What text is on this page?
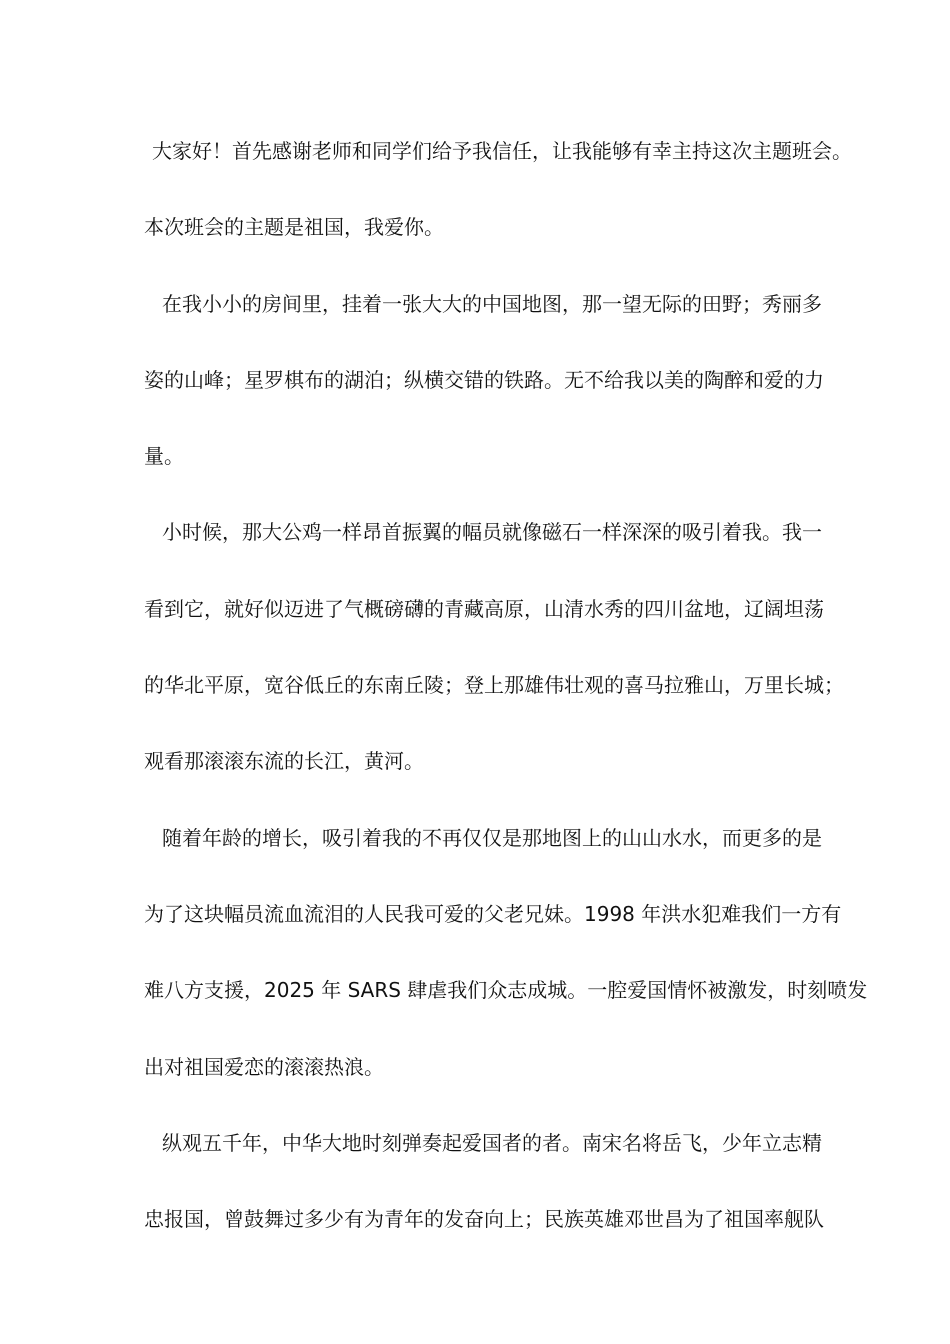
大家好！首先感谢老师和同学们给予我信任，让我能够有幸主持这次主题班会。
本次班会的主题是祖国，我爱你。
在我小小的房间里，挂着一张大大的中国地图，那一望无际的田野；秀丽多
姿的山峰；星罗棋布的湖泊；纵横交错的铁路。无不给我以美的陶醉和爱的力
量。
小时候，那大公鸡一样昂首振翼的幅员就像磁石一样深深的吸引着我。我一
看到它，就好似迈进了气概磅礴的青藏高原，山清水秀的四川盆地，辽阔坦荡
的华北平原，宽谷低丘的东南丘陵；登上那雄伟壮观的喜马拉雅山，万里长城；
观看那滚滚东流的长江，黄河。
随着年龄的增长，吸引着我的不再仅仅是那地图上的山山水水，而更多的是
为了这块幅员流血流泪的人民我可爱的父老兄妹。1998 年洪水犯难我们一方有
难八方支援，2025 年 SARS 肆虐我们众志成城。一腔爱国情怀被激发，时刻喷发
出对祖国爱恋的滚滚热浪。
纵观五千年，中华大地时刻弹奏起爱国者的者。南宋名将岳飞，少年立志精
忠报国，曾鼓舞过多少有为青年的发奋向上；民族英雄邓世昌为了祖国率舰队
